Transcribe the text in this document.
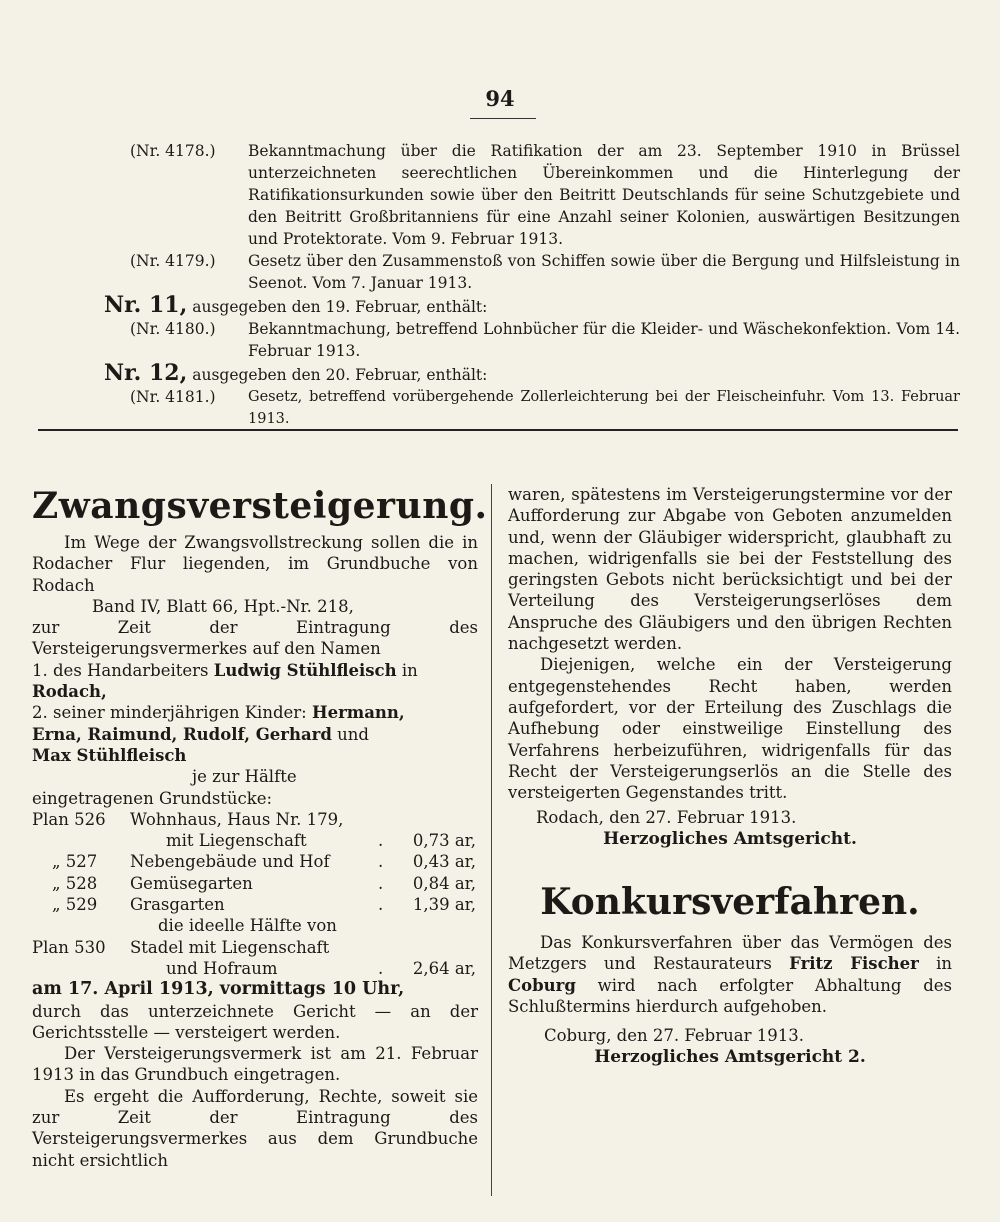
94
(Nr. 4178.)	Bekanntmachung über die Ratifikation der am 23. September 1910 in Brüssel unterzeichneten seerechtlichen Übereinkommen und die Hinterlegung der Ratifikationsurkunden sowie über den Beitritt Deutschlands für seine Schutzgebiete und den Beitritt Großbritanniens für eine Anzahl seiner Kolonien, auswärtigen Besitzungen und Protektorate. Vom 9. Februar 1913.
(Nr. 4179.)	Gesetz über den Zusammenstoß von Schiffen sowie über die Bergung und Hilfsleistung in Seenot. Vom 7. Januar 1913.
Nr. 11, ausgegeben den 19. Februar, enthält:
(Nr. 4180.)	Bekanntmachung, betreffend Lohnbücher für die Kleider- und Wäschekonfektion. Vom 14. Februar 1913.
Nr. 12, ausgegeben den 20. Februar, enthält:
(Nr. 4181.)	Gesetz, betreffend vorübergehende Zollerleichterung bei der Fleischeinfuhr. Vom 13. Februar 1913.
Zwangsversteigerung.

Im Wege der Zwangsvollstreckung sollen die in Rodacher Flur liegenden, im Grundbuche von Rodach

Band IV, Blatt 66, Hpt.-Nr. 218,

zur Zeit der Eintragung des Versteigerungsvermerkes auf den Namen

1. des Handarbeiters Ludwig Stühlfleisch in

Rodach,

2. seiner minderjährigen Kinder: Hermann,

Erna, Raimund, Rudolf, Gerhard und

Max Stühlfleisch

je zur Hälfte

eingetragenen Grundstücke:

Plan 526	Wohnhaus, Haus Nr. 179,		
	mit Liegenschaft	.	0,73 ar,
„ 527	Nebengebäude und Hof	.	0,43 ar,
„ 528	Gemüsegarten	.	0,84 ar,
„ 529	Grasgarten	.	1,39 ar,
	die ideelle Hälfte von		
Plan 530	Stadel mit Liegenschaft		
	und Hofraum	.	2,64 ar,

am 17. April 1913, vormittags 10 Uhr,

durch das unterzeichnete Gericht — an der Gerichtsstelle — versteigert werden.

Der Versteigerungsvermerk ist am 21. Februar 1913 in das Grundbuch eingetragen.

Es ergeht die Aufforderung, Rechte, soweit sie zur Zeit der Eintragung des Versteigerungsvermerkes aus dem Grundbuche nicht ersichtlich

waren, spätestens im Versteigerungstermine vor der Aufforderung zur Abgabe von Geboten anzumelden und, wenn der Gläubiger widerspricht, glaubhaft zu machen, widrigenfalls sie bei der Feststellung des geringsten Gebots nicht berücksichtigt und bei der Verteilung des Versteigerungserlöses dem Anspruche des Gläubigers und den übrigen Rechten nachgesetzt werden.

Diejenigen, welche ein der Versteigerung entgegenstehendes Recht haben, werden aufgefordert, vor der Erteilung des Zuschlags die Aufhebung oder einstweilige Einstellung des Verfahrens herbeizuführen, widrigenfalls für das Recht der Versteigerungserlös an die Stelle des versteigerten Gegenstandes tritt.

Rodach, den 27. Februar 1913.

Herzogliches Amtsgericht.

Konkursverfahren.

Das Konkursverfahren über das Vermögen des Metzgers und Restaurateurs Fritz Fischer in Coburg wird nach erfolgter Abhaltung des Schlußtermins hierdurch aufgehoben.

Coburg, den 27. Februar 1913.

Herzogliches Amtsgericht 2.
